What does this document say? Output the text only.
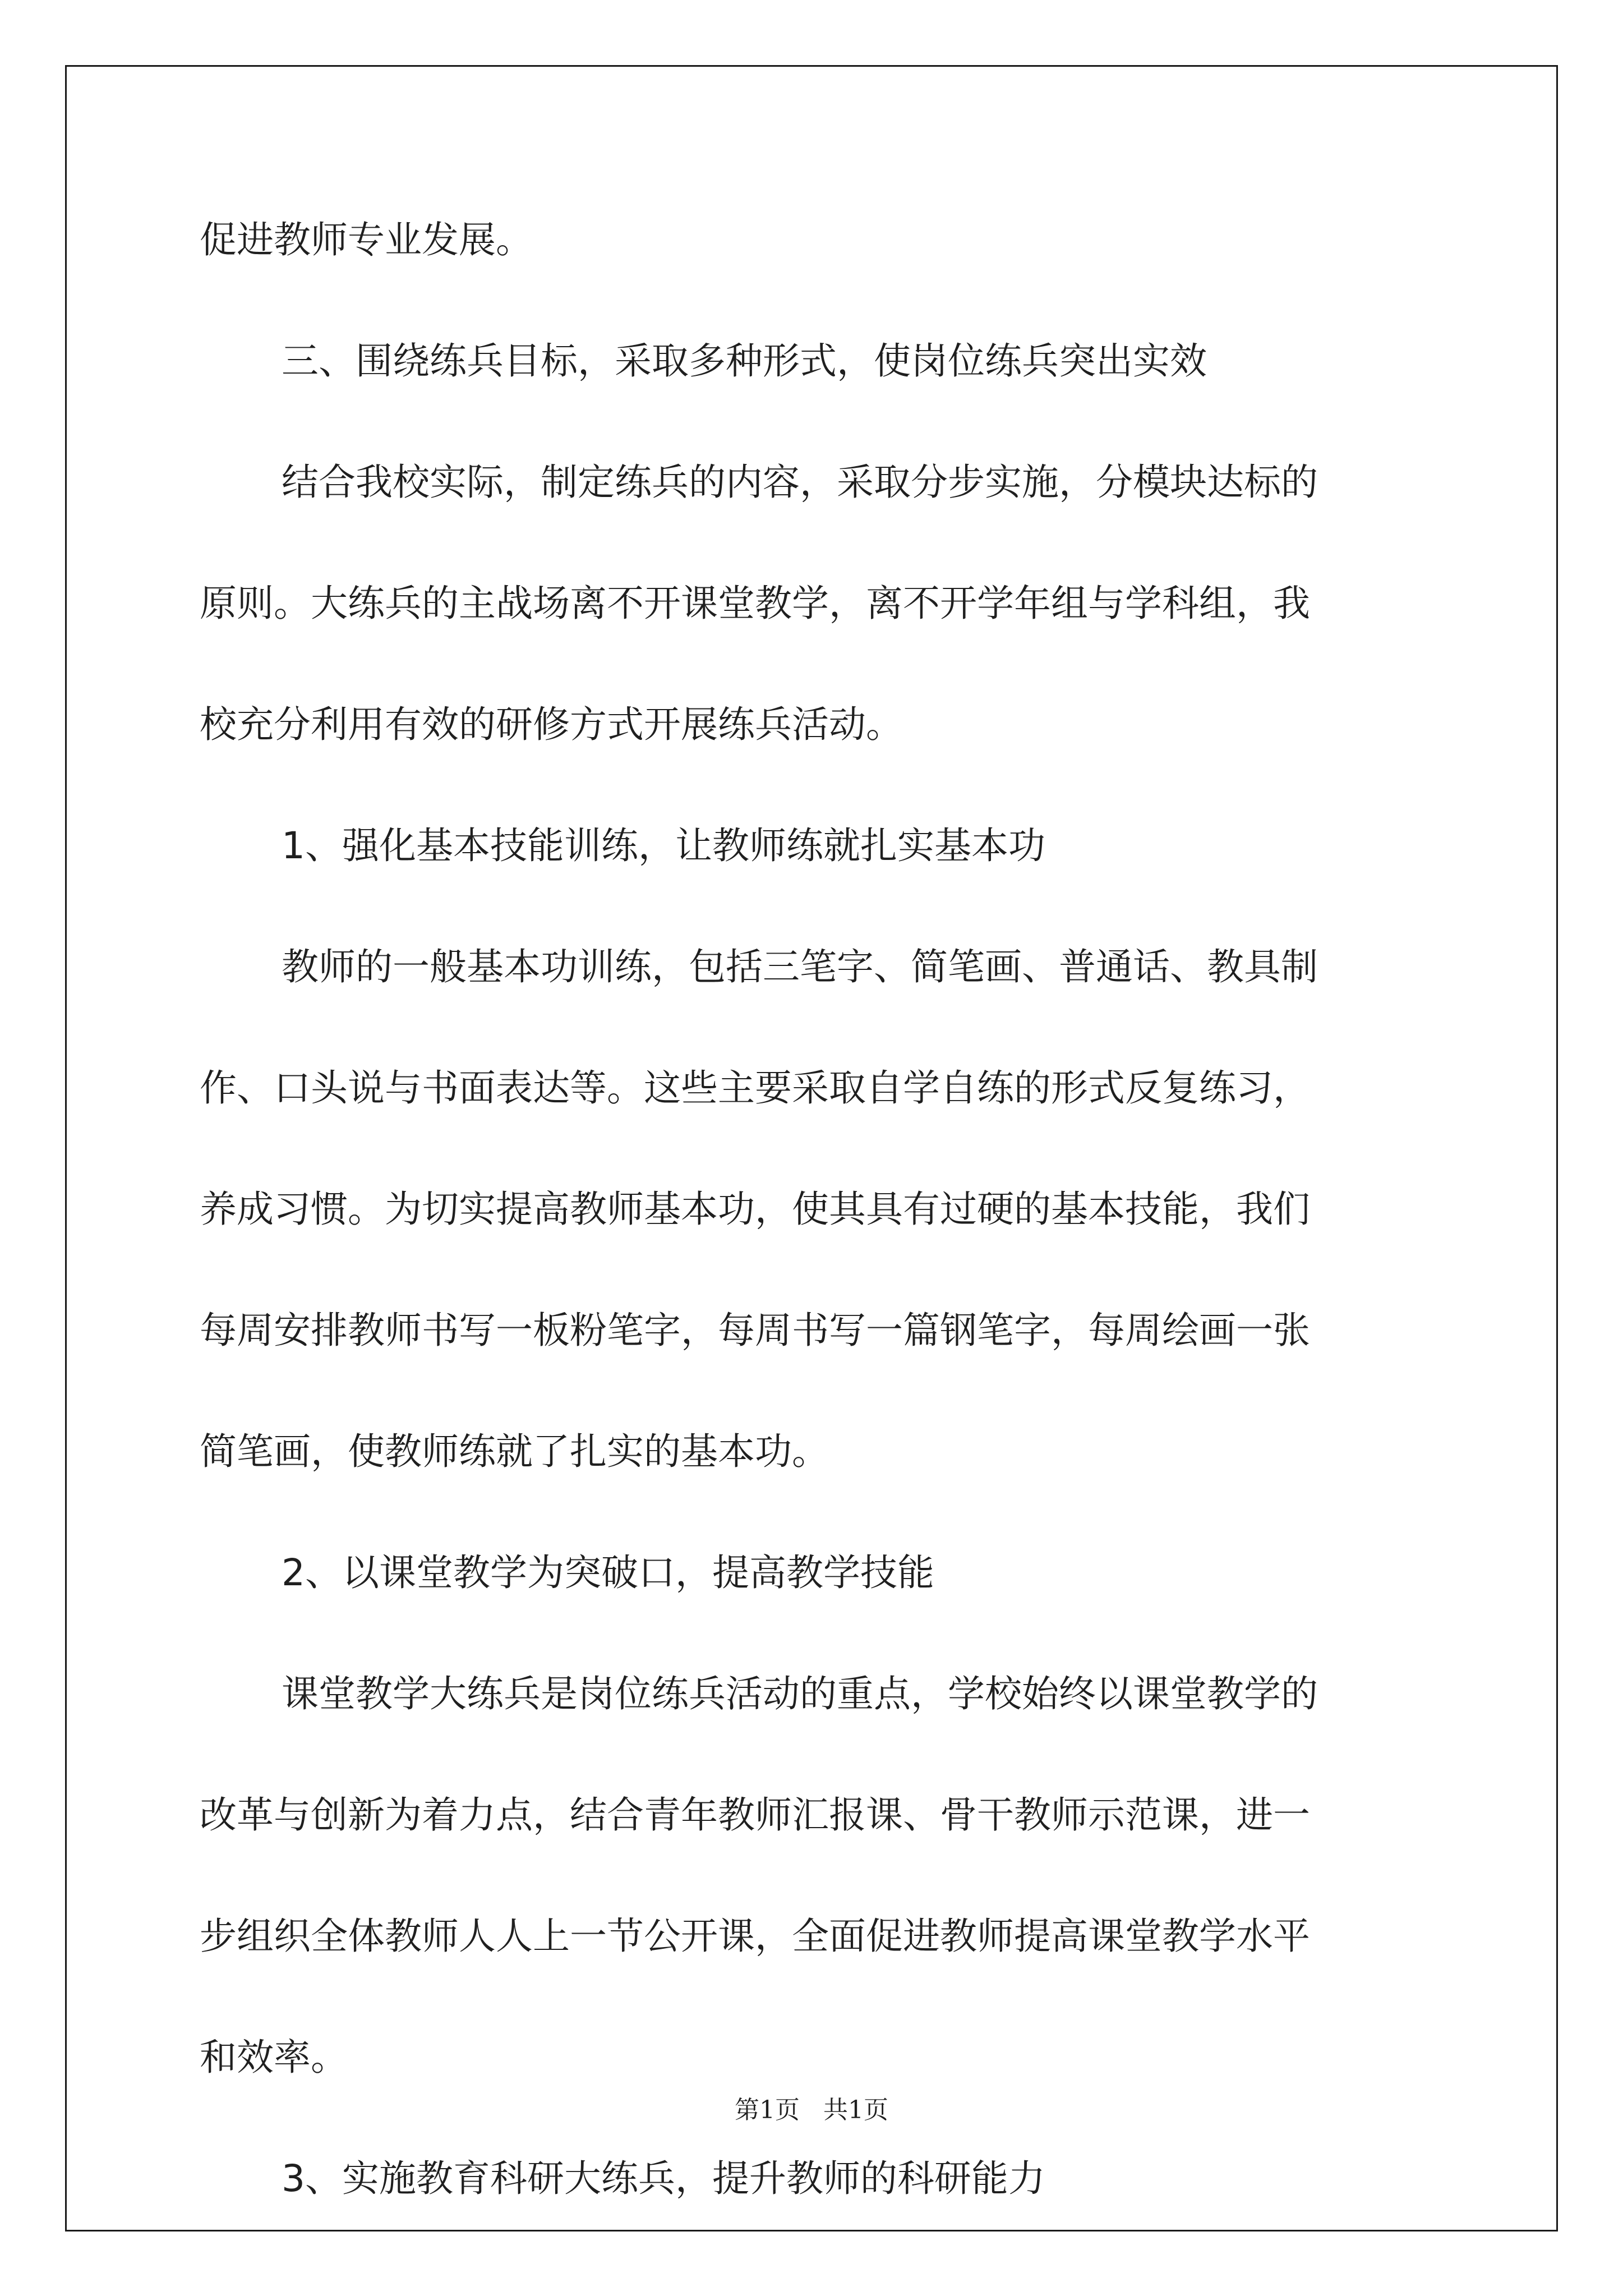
促进教师专业发展。
三、围绕练兵目标，采取多种形式，使岗位练兵突出实效
结合我校实际，制定练兵的内容，采取分步实施，分模块达标的
原则。大练兵的主战场离不开课堂教学，离不开学年组与学科组，我
校充分利用有效的研修方式开展练兵活动。
1、强化基本技能训练，让教师练就扎实基本功
教师的一般基本功训练，包括三笔字、简笔画、普通话、教具制
作、口头说与书面表达等。这些主要采取自学自练的形式反复练习，
养成习惯。为切实提高教师基本功，使其具有过硬的基本技能，我们
每周安排教师书写一板粉笔字，每周书写一篇钢笔字，每周绘画一张
简笔画，使教师练就了扎实的基本功。
2、以课堂教学为突破口，提高教学技能
课堂教学大练兵是岗位练兵活动的重点，学校始终以课堂教学的
改革与创新为着力点，结合青年教师汇报课、骨干教师示范课，进一
步组织全体教师人人上一节公开课，全面促进教师提高课堂教学水平
和效率。
3、实施教育科研大练兵，提升教师的科研能力
第1页   共1页
